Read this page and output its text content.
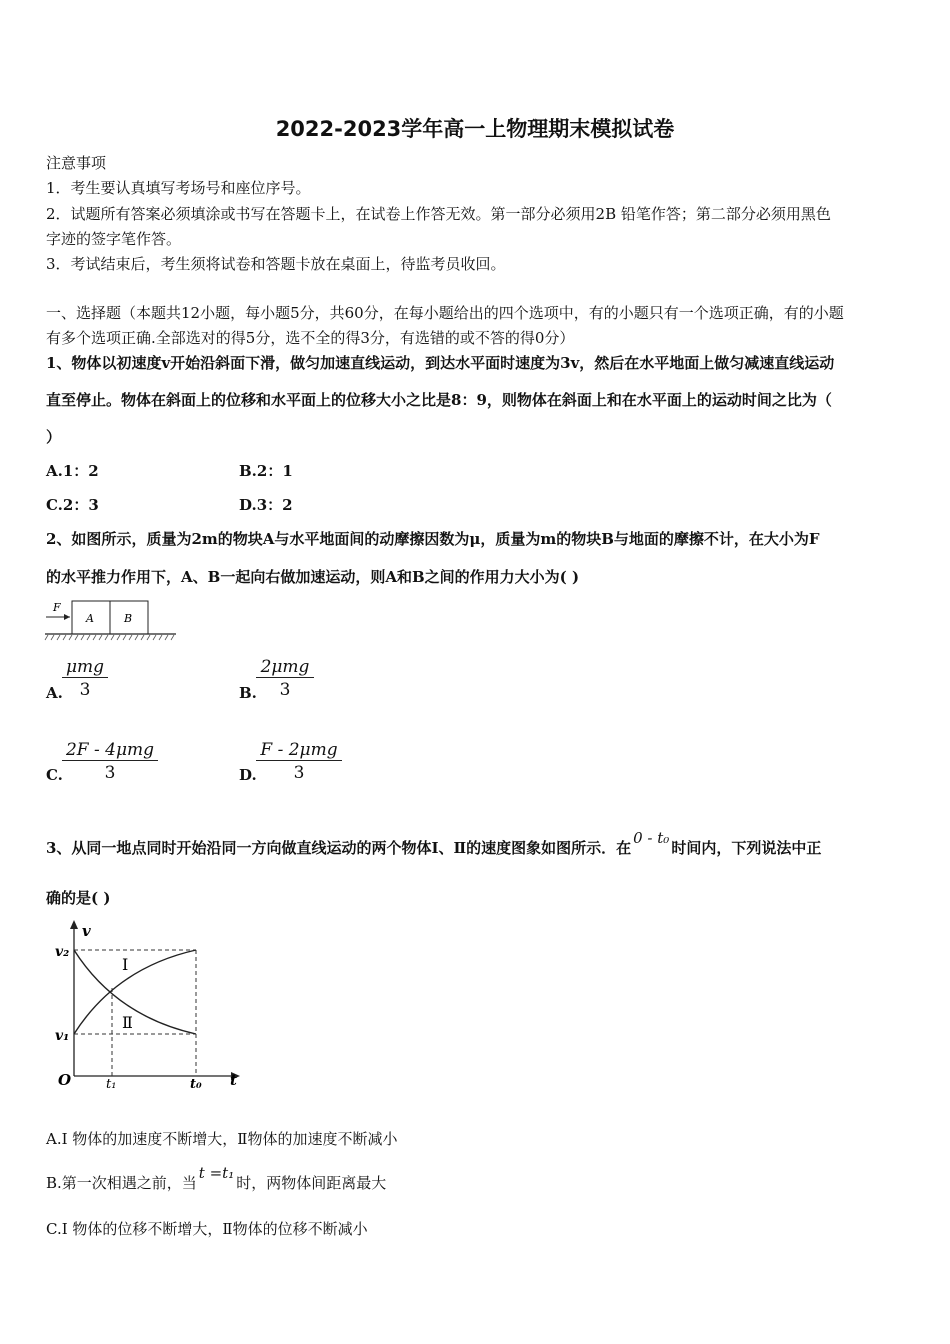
2022-2023学年高一上物理期末模拟试卷
注意事项
1．考生要认真填写考场号和座位序号。
2．试题所有答案必须填涂或书写在答题卡上，在试卷上作答无效。第一部分必须用2B 铅笔作答；第二部分必须用黑色
字迹的签字笔作答。
3．考试结束后，考生须将试卷和答题卡放在桌面上，待监考员收回。
一、选择题（本题共12小题，每小题5分，共60分，在每小题给出的四个选项中，有的小题只有一个选项正确，有的小题
有多个选项正确.全部选对的得5分，选不全的得3分，有选错的或不答的得0分）
1、物体以初速度v开始沿斜面下滑，做匀加速直线运动，到达水平面时速度为3v，然后在水平地面上做匀减速直线运动
直至停止。物体在斜面上的位移和水平面上的位移大小之比是8：9，则物体在斜面上和在水平面上的运动时间之比为（
）
A.1：2	B.2：1
C.2：3	D.3：2
2、如图所示，质量为2m的物块A与水平地面间的动摩擦因数为μ，质量为m的物块B与地面的摩擦不计，在大小为F
的水平推力作用下，A、B一起向右做加速运动，则A和B之间的作用力大小为( )
F
A	B
A.
μmg
3	B.
2μmg
3
C.
2F - 4μmg
3	D.
F - 2μmg
3
3、从同一地点同时开始沿同一方向做直线运动的两个物体Ⅰ、Ⅱ的速度图象如图所示．在0 - t₀时间内，下列说法中正
确的是( )
v
t
O
v₂
v₁
Ⅰ
Ⅱ
t₁	t₀
A.Ⅰ 物体的加速度不断增大，Ⅱ物体的加速度不断减小
B.第一次相遇之前，当t =t₁时，两物体间距离最大
C.Ⅰ 物体的位移不断增大，Ⅱ物体的位移不断减小
